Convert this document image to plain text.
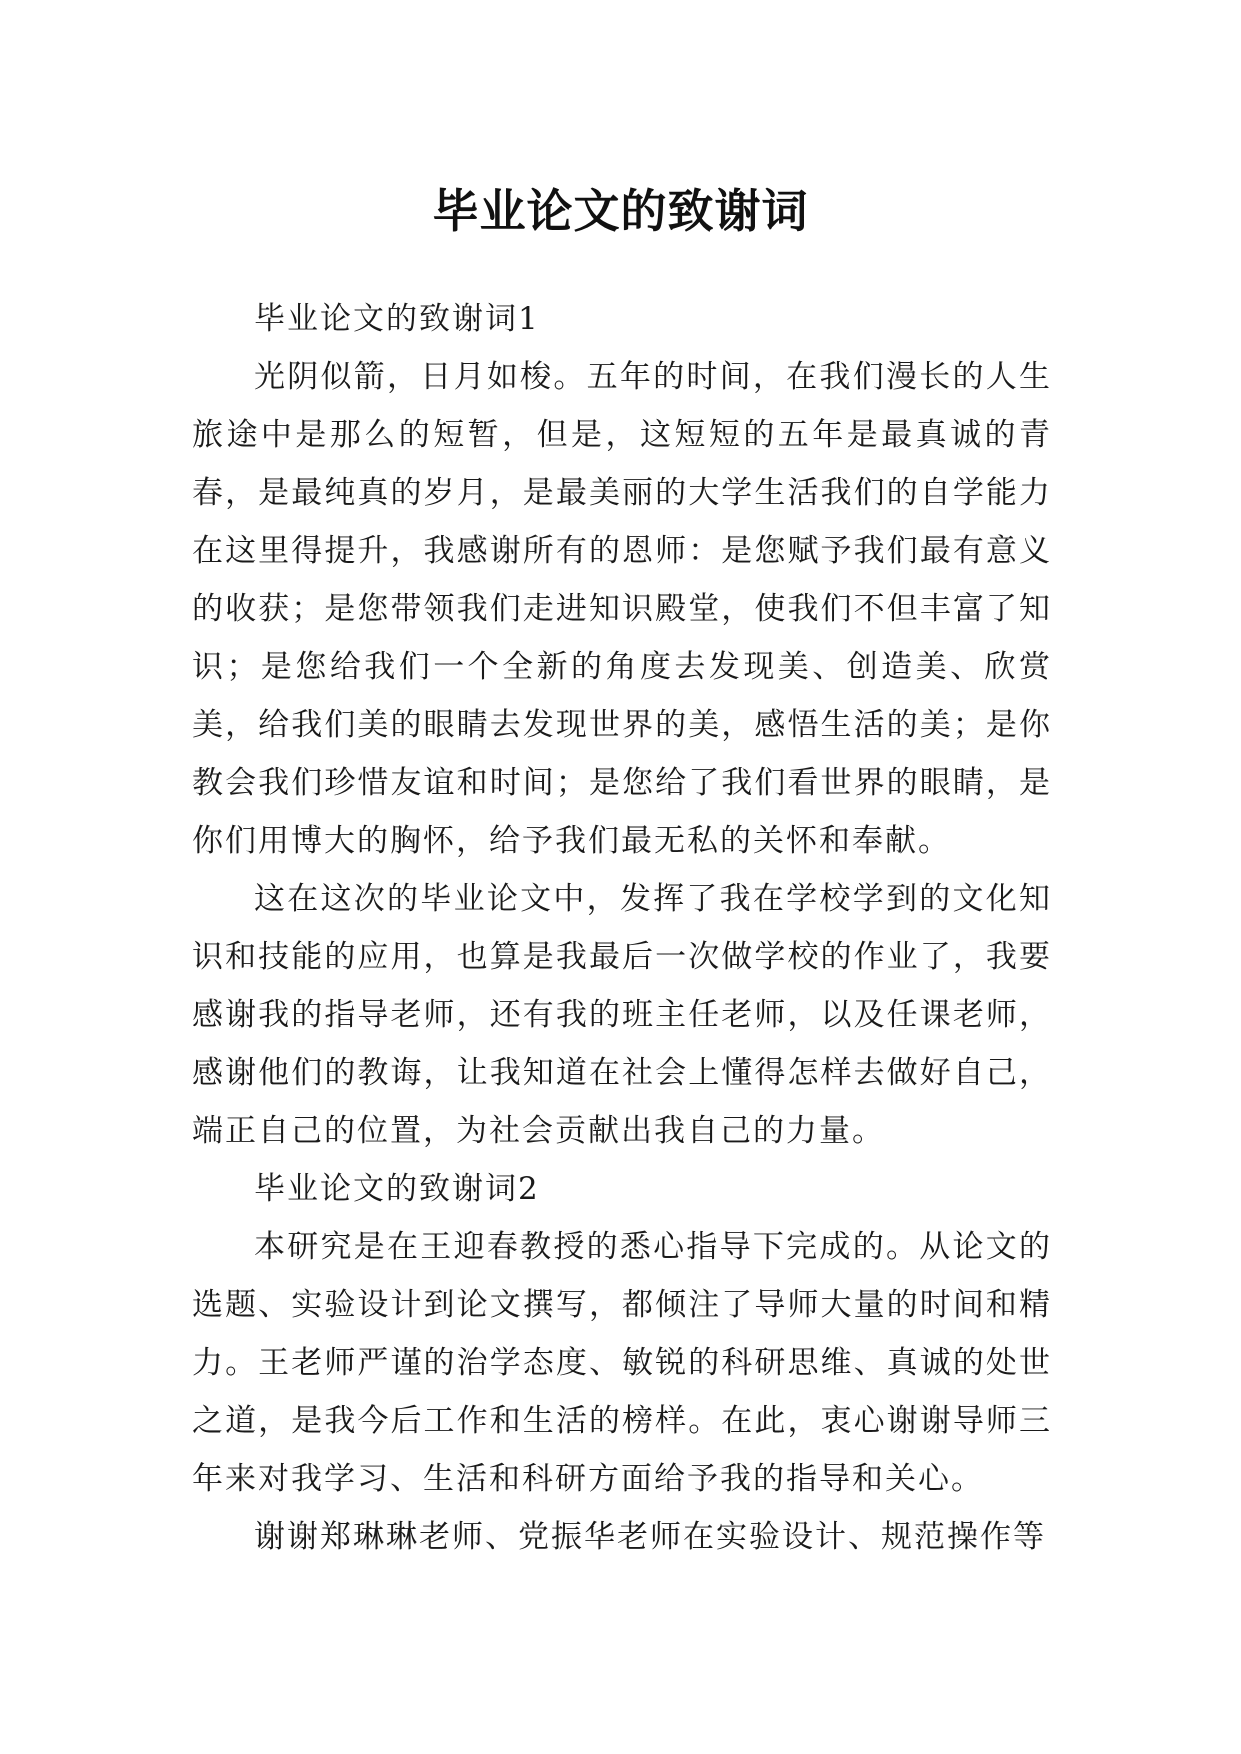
毕业论文的致谢词

毕业论文的致谢词1

光阴似箭，日月如梭。五年的时间，在我们漫长的人生旅途中是那么的短暂，但是，这短短的五年是最真诚的青春，是最纯真的岁月，是最美丽的大学生活我们的自学能力在这里得提升，我感谢所有的恩师：是您赋予我们最有意义的收获；是您带领我们走进知识殿堂，使我们不但丰富了知识；是您给我们一个全新的角度去发现美、创造美、欣赏美，给我们美的眼睛去发现世界的美，感悟生活的美；是你教会我们珍惜友谊和时间；是您给了我们看世界的眼睛，是你们用博大的胸怀，给予我们最无私的关怀和奉献。

这在这次的毕业论文中，发挥了我在学校学到的文化知识和技能的应用，也算是我最后一次做学校的作业了，我要感谢我的指导老师，还有我的班主任老师，以及任课老师，感谢他们的教诲，让我知道在社会上懂得怎样去做好自己，端正自己的位置，为社会贡献出我自己的力量。

毕业论文的致谢词2

本研究是在王迎春教授的悉心指导下完成的。从论文的选题、实验设计到论文撰写，都倾注了导师大量的时间和精力。王老师严谨的治学态度、敏锐的科研思维、真诚的处世之道，是我今后工作和生活的榜样。在此，衷心谢谢导师三年来对我学习、生活和科研方面给予我的指导和关心。

谢谢郑琳琳老师、党振华老师在实验设计、规范操作等
